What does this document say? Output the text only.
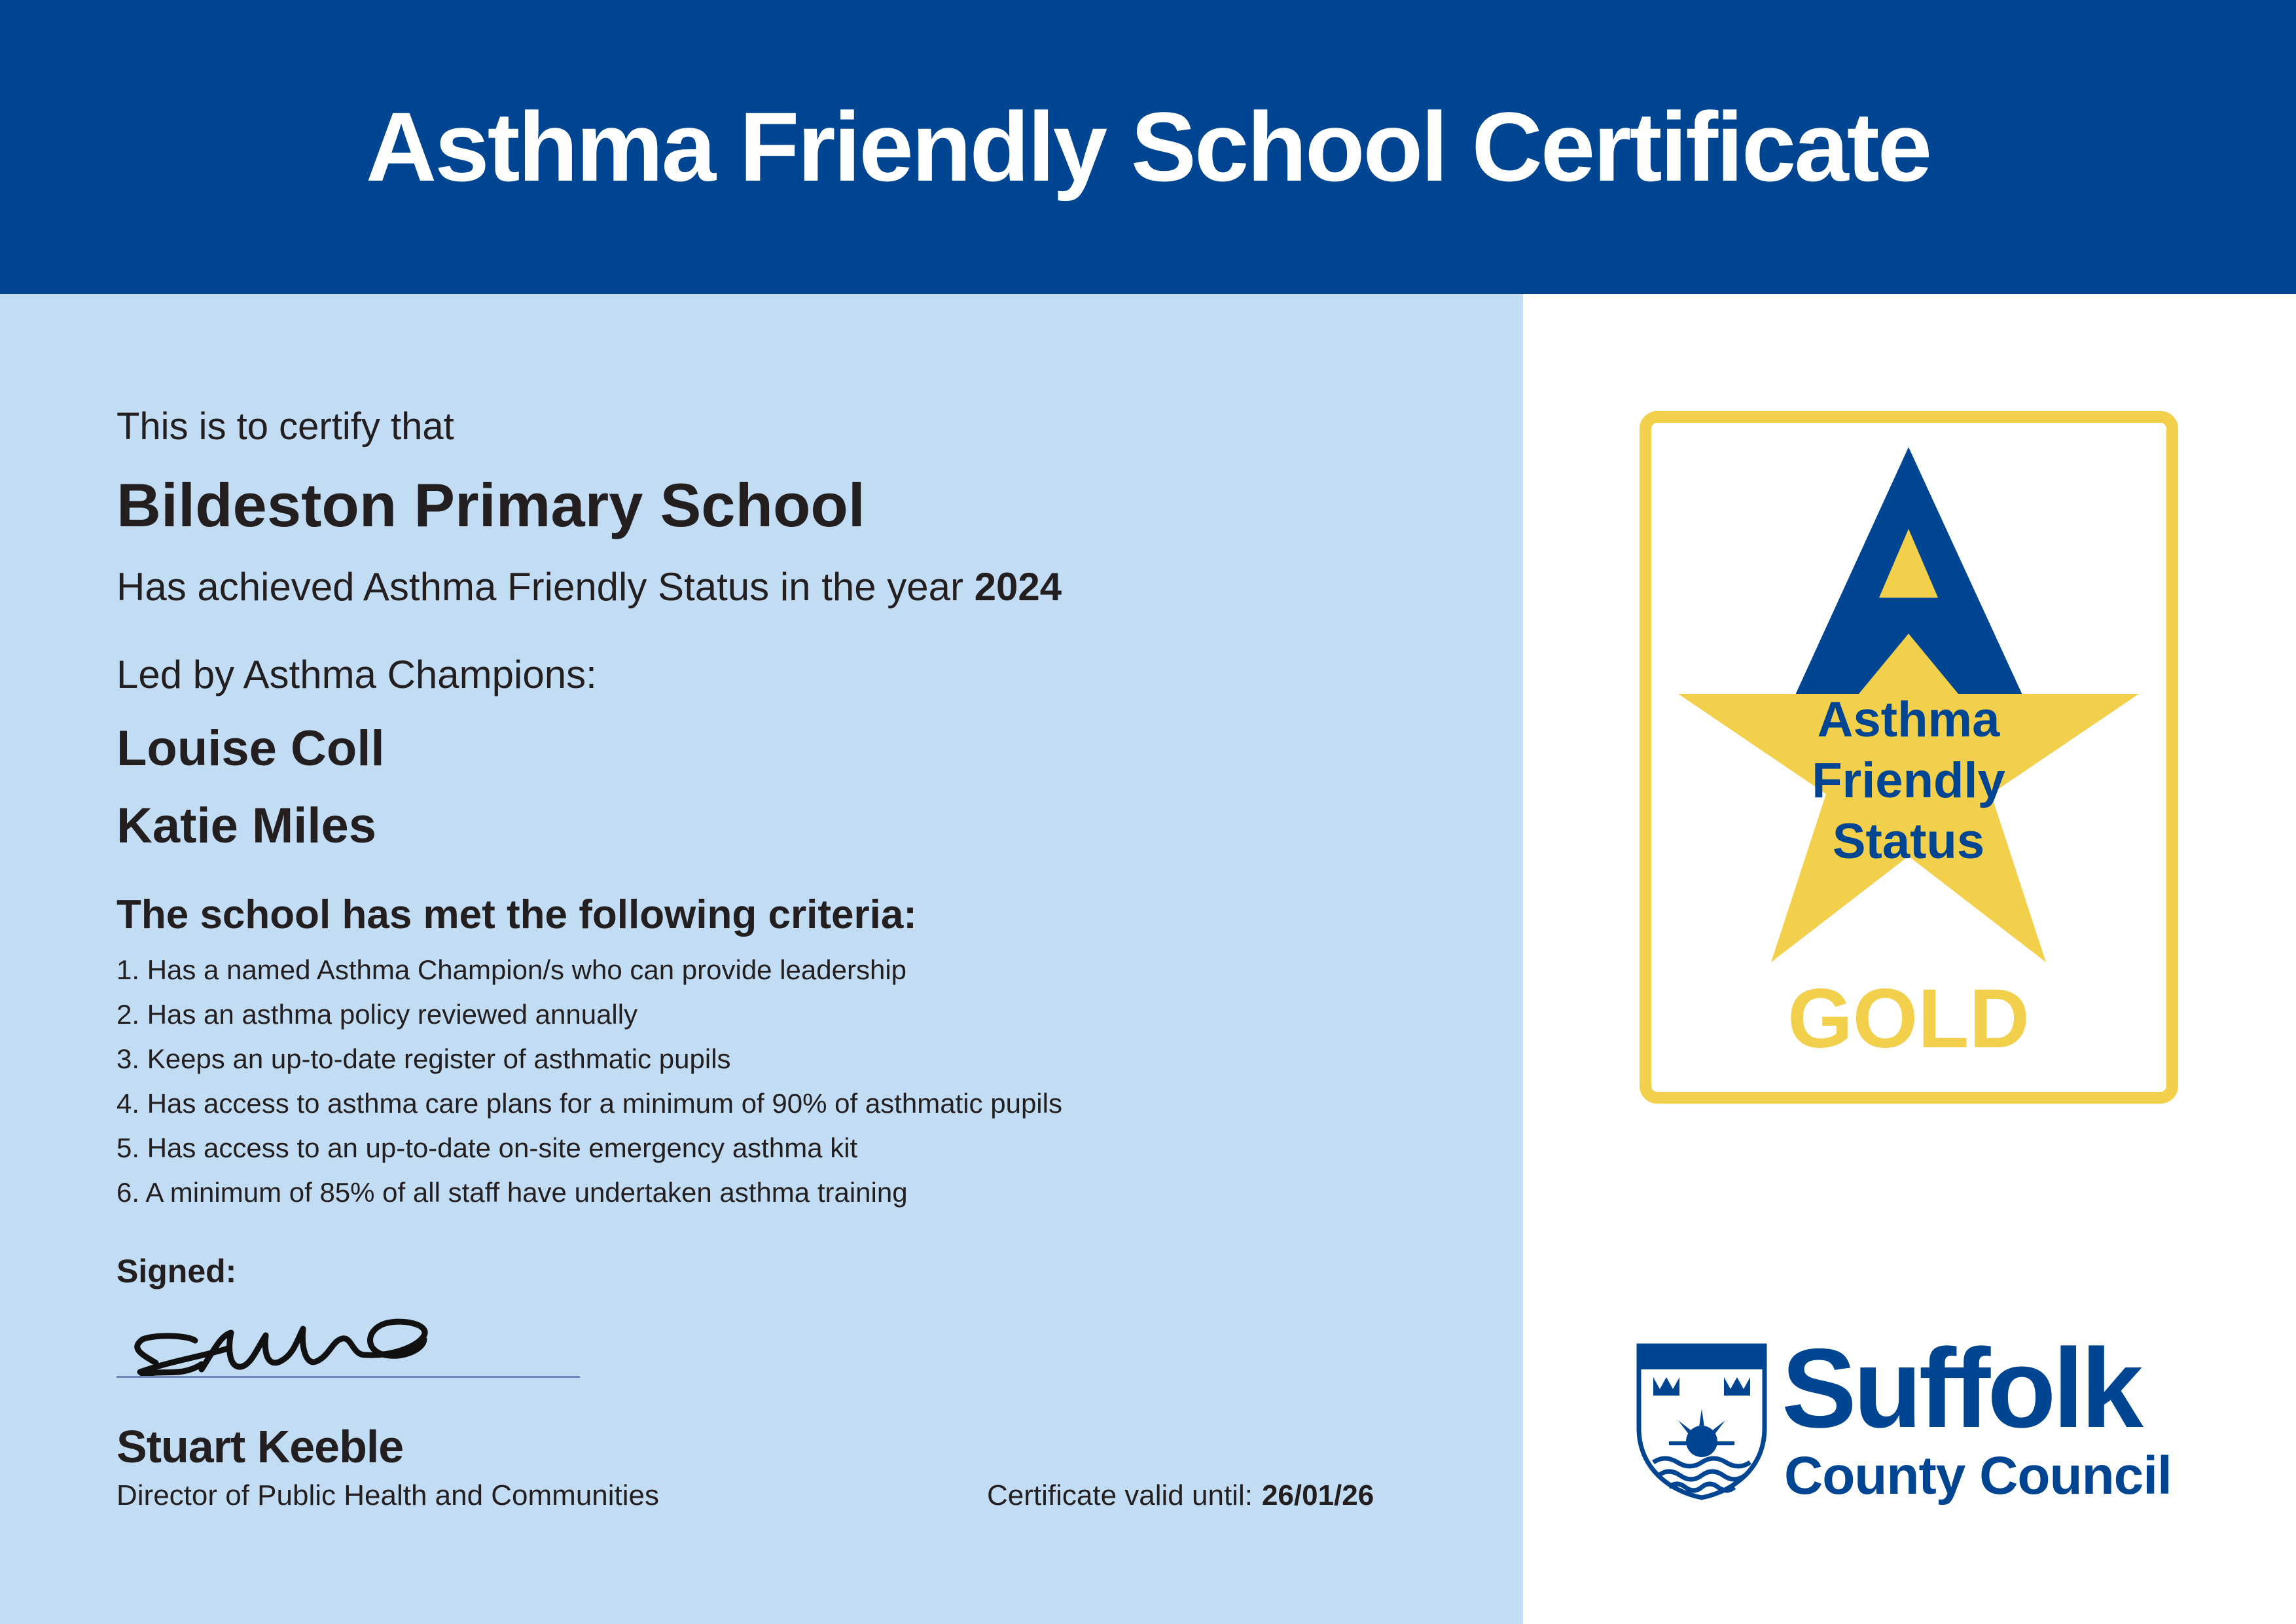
Asthma Friendly School Certificate
This is to certify that
Bildeston Primary School
Has achieved Asthma Friendly Status in the year 2024
Led by Asthma Champions:
Louise Coll
Katie Miles
The school has met the following criteria:
1. Has a named Asthma Champion/s who can provide leadership
2. Has an asthma policy reviewed annually
3. Keeps an up-to-date register of asthmatic pupils
4. Has access to asthma care plans for a minimum of 90% of asthmatic pupils
5. Has access to an up-to-date on-site emergency asthma kit
6. A minimum of 85% of all staff have undertaken asthma training
Signed:
Stuart Keeble
Director of Public Health and Communities	Certificate valid until: 26/01/26
Asthma
Friendly
Status
GOLD
Suffolk
County Council
